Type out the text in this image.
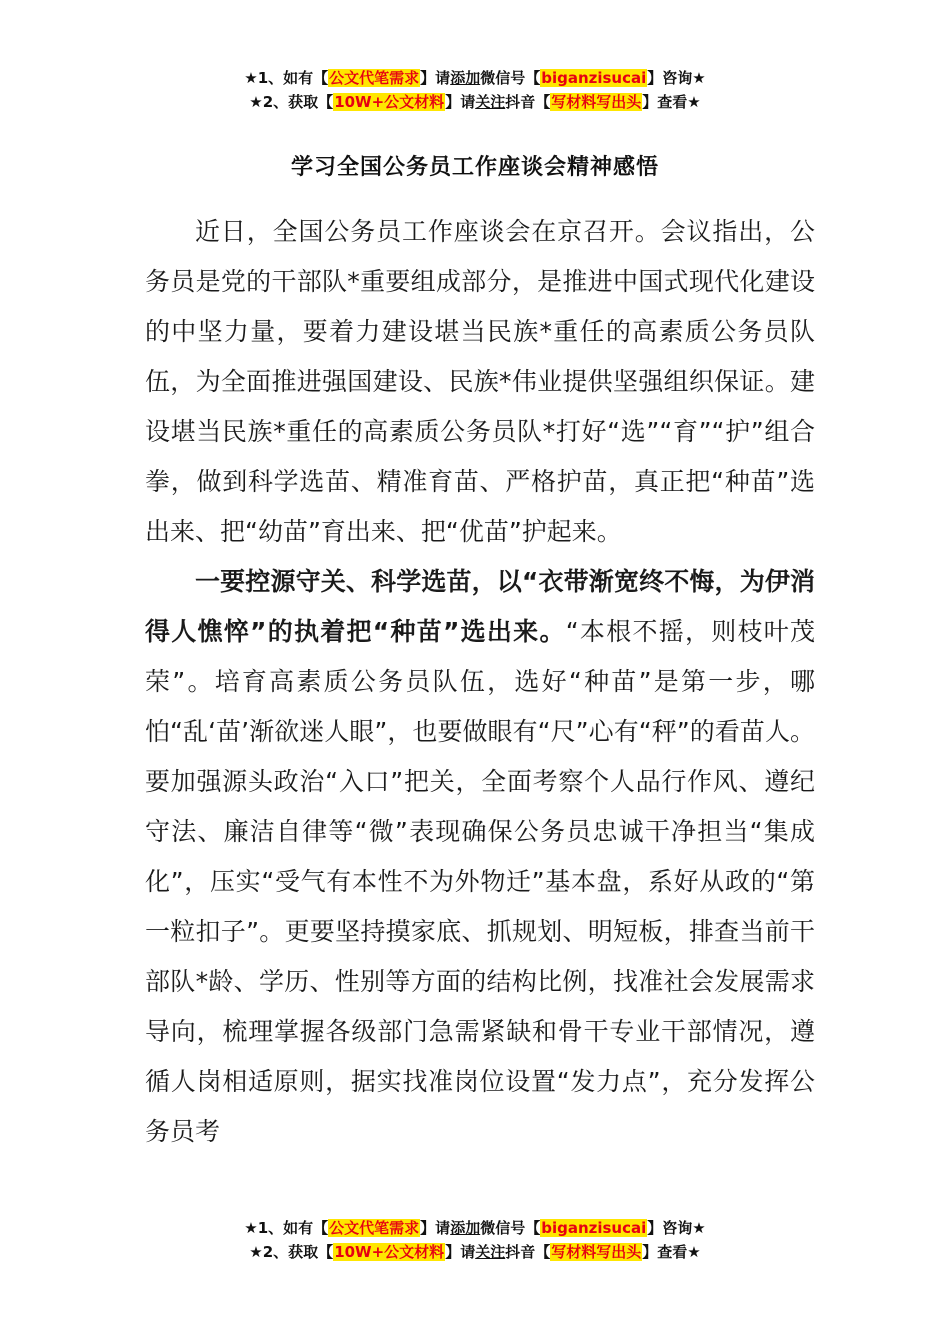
★1、如有【公文代笔需求】请添加微信号【biganzisucai】咨询★
★2、获取【10W+公文材料】请关注抖音【写材料写出头】查看★
学习全国公务员工作座谈会精神感悟

近日，全国公务员工作座谈会在京召开。会议指出，公务员是党的干部队*重要组成部分，是推进中国式现代化建设的中坚力量，要着力建设堪当民族*重任的高素质公务员队伍，为全面推进强国建设、民族*伟业提供坚强组织保证。建设堪当民族*重任的高素质公务员队*打好“选”“育”“护”组合拳，做到科学选苗、精准育苗、严格护苗，真正把“种苗”选出来、把“幼苗”育出来、把“优苗”护起来。

一要控源守关、科学选苗，以“衣带渐宽终不悔，为伊消得人憔悴”的执着把“种苗”选出来。“本根不摇，则枝叶茂荣”。培育高素质公务员队伍，选好“种苗”是第一步，哪怕“乱‘苗’渐欲迷人眼”，也要做眼有“尺”心有“秤”的看苗人。要加强源头政治“入口”把关，全面考察个人品行作风、遵纪守法、廉洁自律等“微”表现确保公务员忠诚干净担当“集成化”，压实“受气有本性不为外物迁”基本盘，系好从政的“第一粒扣子”。更要坚持摸家底、抓规划、明短板，排查当前干部队*龄、学历、性别等方面的结构比例，找准社会发展需求导向，梳理掌握各级部门急需紧缺和骨干专业干部情况，遵循人岗相适原则，据实找准岗位设置“发力点”，充分发挥公务员考

★1、如有【公文代笔需求】请添加微信号【biganzisucai】咨询★
★2、获取【10W+公文材料】请关注抖音【写材料写出头】查看★
